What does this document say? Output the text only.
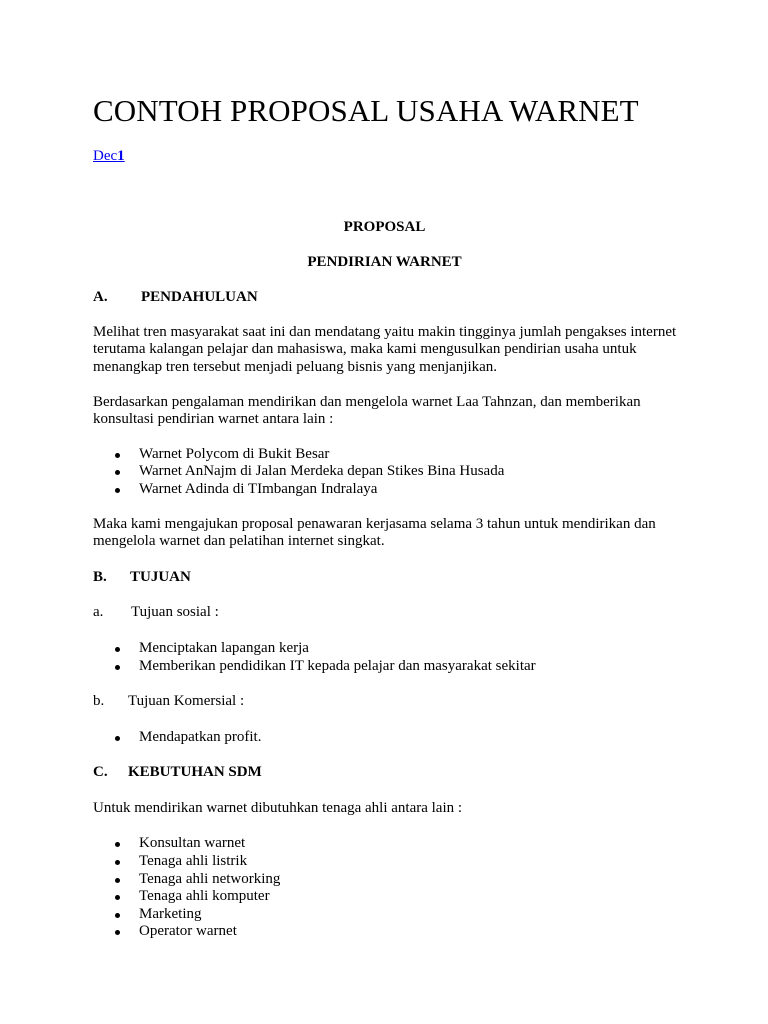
CONTOH PROPOSAL USAHA WARNET
Dec1

PROPOSAL

PENDIRIAN WARNET

A. PENDAHULUAN

Melihat tren masyarakat saat ini dan mendatang yaitu makin tingginya jumlah pengakses internet terutama kalangan pelajar dan mahasiswa, maka kami mengusulkan pendirian usaha untuk menangkap tren tersebut menjadi peluang bisnis yang menjanjikan.

Berdasarkan pengalaman mendirikan dan mengelola warnet Laa Tahnzan, dan memberikan konsultasi pendirian warnet antara lain :

Warnet Polycom di Bukit Besar
Warnet AnNajm di Jalan Merdeka depan Stikes Bina Husada
Warnet Adinda di TImbangan Indralaya

Maka kami mengajukan proposal penawaran kerjasama selama 3 tahun untuk mendirikan dan mengelola warnet dan pelatihan internet singkat.

B. TUJUAN

a. Tujuan sosial :

Menciptakan lapangan kerja
Memberikan pendidikan IT kepada pelajar dan masyarakat sekitar

b. Tujuan Komersial :

Mendapatkan profit.

C. KEBUTUHAN SDM

Untuk mendirikan warnet dibutuhkan tenaga ahli antara lain :

Konsultan warnet
Tenaga ahli listrik
Tenaga ahli networking
Tenaga ahli komputer
Marketing
Operator warnet
